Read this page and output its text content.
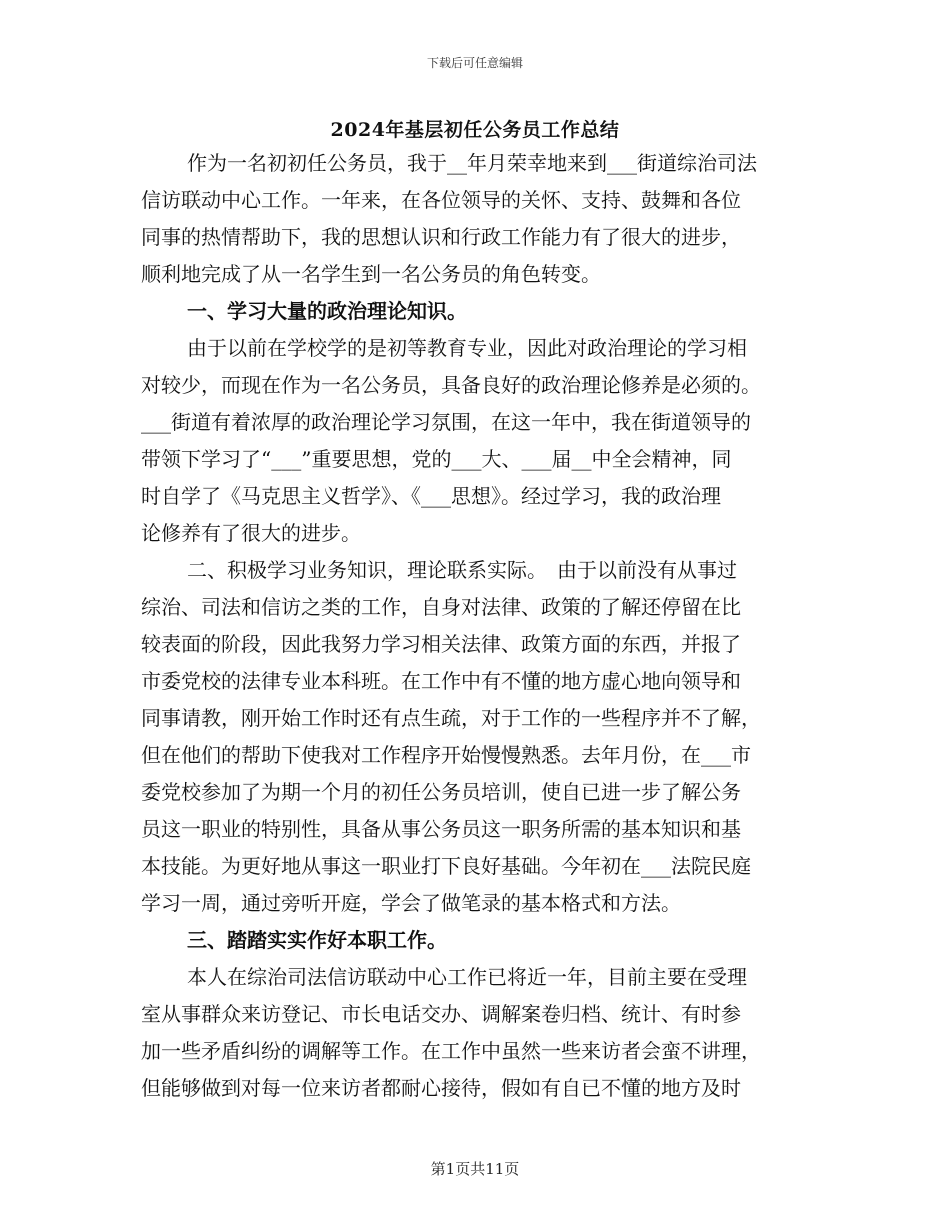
下载后可任意编辑
2024年基层初任公务员工作总结
作为一名初初任公务员，我于__年月荣幸地来到___街道综治司法
信访联动中心工作。一年来，在各位领导的关怀、支持、鼓舞和各位
同事的热情帮助下，我的思想认识和行政工作能力有了很大的进步，
顺利地完成了从一名学生到一名公务员的角色转变。
一、学习大量的政治理论知识。
由于以前在学校学的是初等教育专业，因此对政治理论的学习相
对较少，而现在作为一名公务员，具备良好的政治理论修养是必须的。
___街道有着浓厚的政治理论学习氛围，在这一年中，我在街道领导的
带领下学习了“___”重要思想，党的___大、___届__中全会精神，同
时自学了《马克思主义哲学》、《___思想》。经过学习，我的政治理
论修养有了很大的进步。
二、积极学习业务知识，理论联系实际。　由于以前没有从事过
综治、司法和信访之类的工作，自身对法律、政策的了解还停留在比
较表面的阶段，因此我努力学习相关法律、政策方面的东西，并报了
市委党校的法律专业本科班。在工作中有不懂的地方虚心地向领导和
同事请教，刚开始工作时还有点生疏，对于工作的一些程序并不了解，
但在他们的帮助下使我对工作程序开始慢慢熟悉。去年月份，在___市
委党校参加了为期一个月的初任公务员培训，使自已进一步了解公务
员这一职业的特别性，具备从事公务员这一职务所需的基本知识和基
本技能。为更好地从事这一职业打下良好基础。今年初在___法院民庭
学习一周，通过旁听开庭，学会了做笔录的基本格式和方法。
三、踏踏实实作好本职工作。
本人在综治司法信访联动中心工作已将近一年，目前主要在受理
室从事群众来访登记、市长电话交办、调解案卷归档、统计、有时参
加一些矛盾纠纷的调解等工作。在工作中虽然一些来访者会蛮不讲理，
但能够做到对每一位来访者都耐心接待，假如有自已不懂的地方及时
第1页共11页
